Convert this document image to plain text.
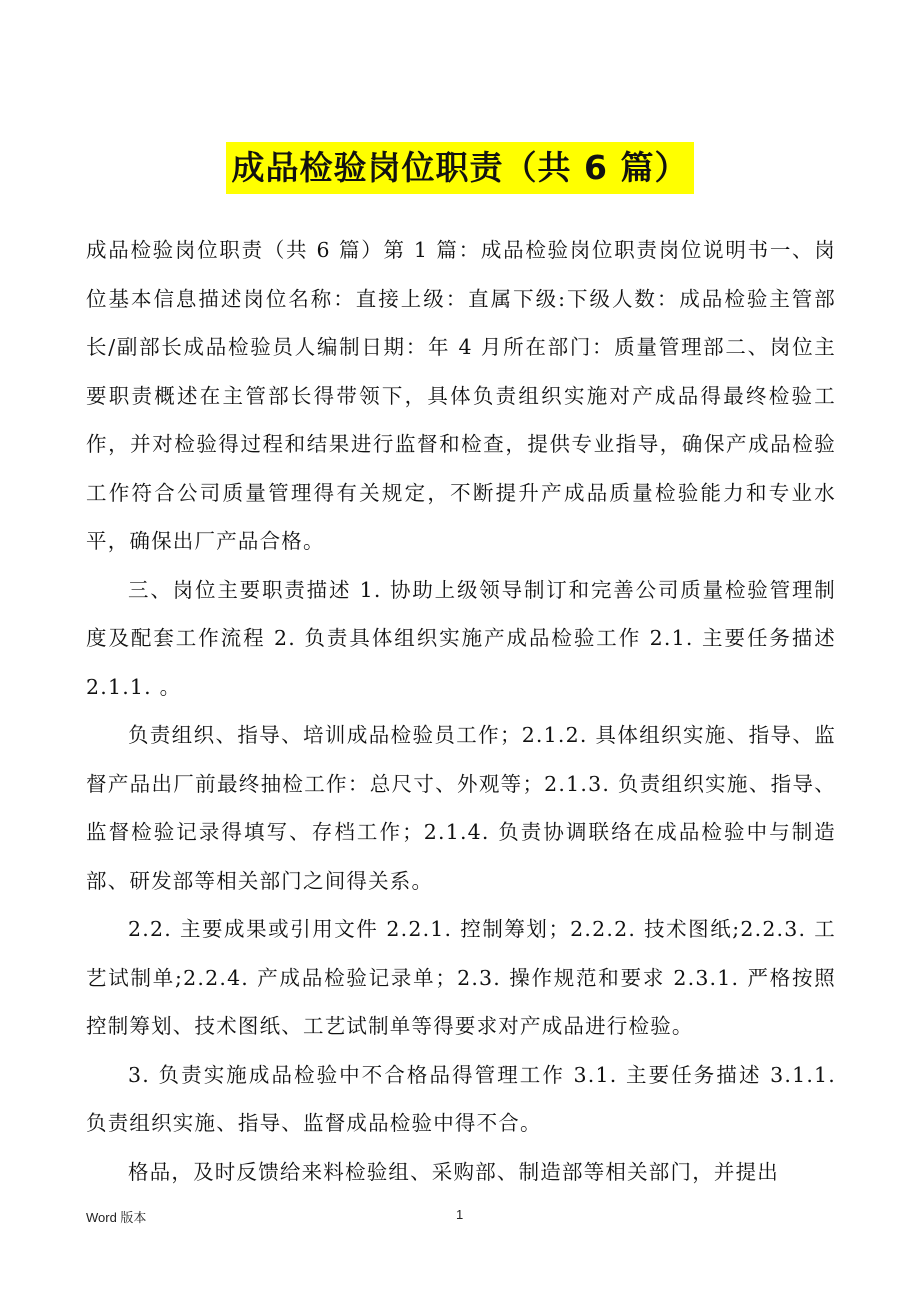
成品检验岗位职责（共 6 篇）

成品检验岗位职责（共 6 篇）第 1 篇：成品检验岗位职责岗位说明书一、岗位基本信息描述岗位名称：直接上级：直属下级:下级人数：成品检验主管部长/副部长成品检验员人编制日期：年 4 月所在部门：质量管理部二、岗位主要职责概述在主管部长得带领下，具体负责组织实施对产成品得最终检验工作，并对检验得过程和结果进行监督和检查，提供专业指导，确保产成品检验工作符合公司质量管理得有关规定，不断提升产成品质量检验能力和专业水平，确保出厂产品合格。

三、岗位主要职责描述 1. 协助上级领导制订和完善公司质量检验管理制度及配套工作流程 2. 负责具体组织实施产成品检验工作 2.1. 主要任务描述 2.1.1. 。

负责组织、指导、培训成品检验员工作；2.1.2. 具体组织实施、指导、监督产品出厂前最终抽检工作：总尺寸、外观等；2.1.3. 负责组织实施、指导、监督检验记录得填写、存档工作；2.1.4. 负责协调联络在成品检验中与制造部、研发部等相关部门之间得关系。

2.2. 主要成果或引用文件 2.2.1. 控制筹划；2.2.2. 技术图纸;2.2.3. 工艺试制单;2.2.4. 产成品检验记录单；2.3. 操作规范和要求 2.3.1. 严格按照控制筹划、技术图纸、工艺试制单等得要求对产成品进行检验。

3. 负责实施成品检验中不合格品得管理工作 3.1. 主要任务描述 3.1.1. 负责组织实施、指导、监督成品检验中得不合。

格品，及时反馈给来料检验组、采购部、制造部等相关部门，并提出

Word 版本	1
